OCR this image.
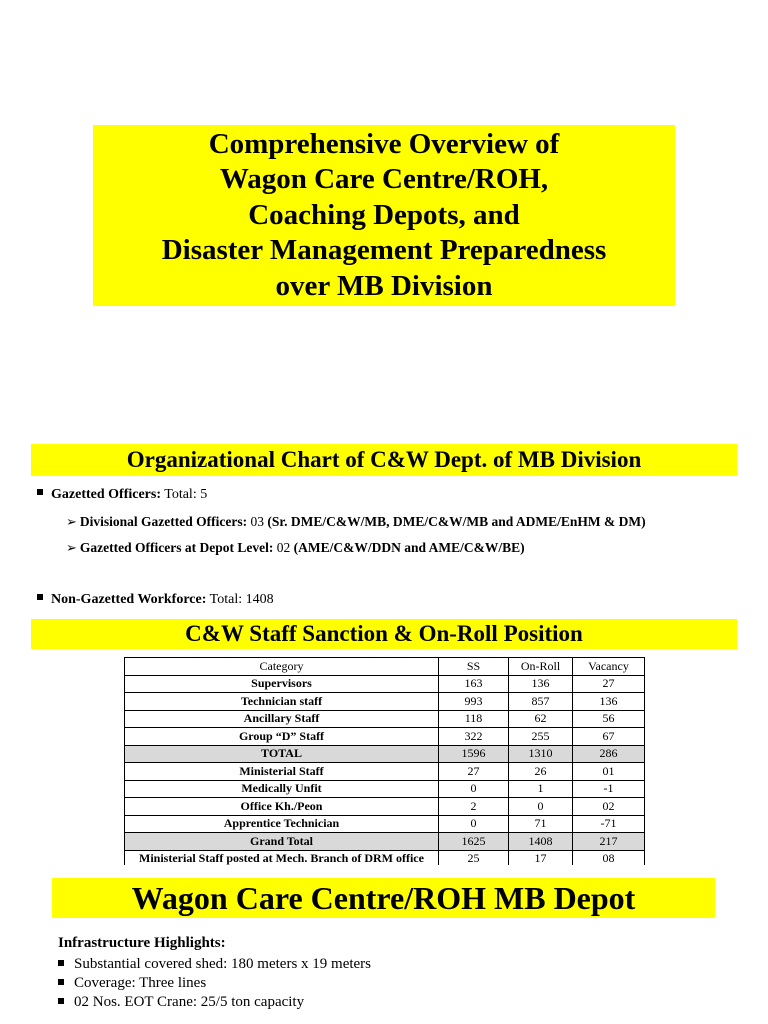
Comprehensive Overview of
Wagon Care Centre/ROH,
Coaching Depots, and
Disaster Management Preparedness
over MB Division
Organizational Chart of C&W Dept. of MB Division
Gazetted Officers: Total: 5
➢ Divisional Gazetted Officers: 03 (Sr. DME/C&W/MB, DME/C&W/MB and ADME/EnHM & DM)
➢ Gazetted Officers at Depot Level: 02 (AME/C&W/DDN and AME/C&W/BE)
Non-Gazetted Workforce: Total: 1408
C&W Staff Sanction & On-Roll Position
Category	SS	On-Roll	Vacancy
Supervisors	163	136	27
Technician staff	993	857	136
Ancillary Staff	118	62	56
Group “D” Staff	322	255	67
TOTAL	1596	1310	286
Ministerial Staff	27	26	01
Medically Unfit	0	1	-1
Office Kh./Peon	2	0	02
Apprentice Technician	0	71	-71
Grand Total	1625	1408	217
Ministerial Staff posted at Mech. Branch of DRM office	25	17	08
Wagon Care Centre/ROH MB Depot
Infrastructure Highlights:
Substantial covered shed: 180 meters x 19 meters
Coverage: Three lines
02 Nos. EOT Crane: 25/5 ton capacity
